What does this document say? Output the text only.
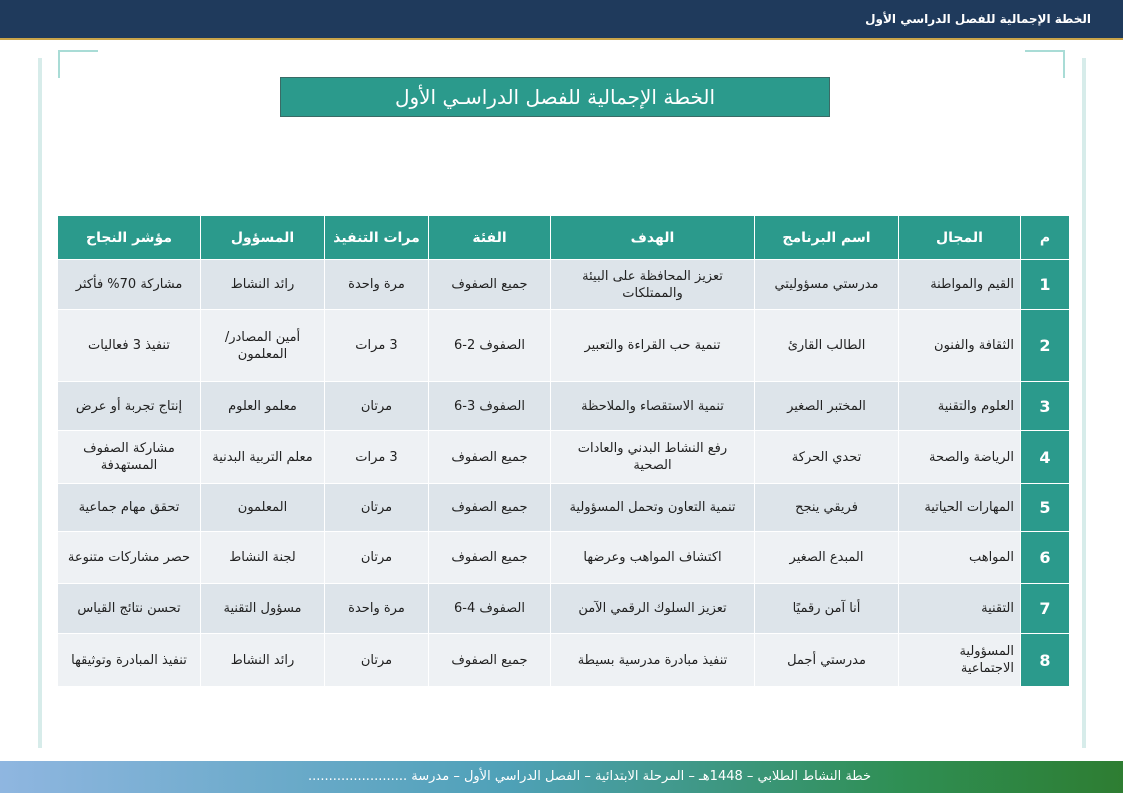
الخطة الإجمالية للفصل الدراسي الأول
الخطة الإجمالية للفصل الدراسـي الأول
م	المجال	اسم البرنامج	الهدف	الفئة	مرات التنفيذ	المسؤول	مؤشر النجاح
1	القيم والمواطنة	مدرستي مسؤوليتي	تعزيز المحافظة على البيئة والممتلكات	جميع الصفوف	مرة واحدة	رائد النشاط	مشاركة 70% فأكثر
2	الثقافة والفنون	الطالب القارئ	تنمية حب القراءة والتعبير	الصفوف 2-6	3 مرات	أمين المصادر/المعلمون	تنفيذ 3 فعاليات
3	العلوم والتقنية	المختبر الصغير	تنمية الاستقصاء والملاحظة	الصفوف 3-6	مرتان	معلمو العلوم	إنتاج تجربة أو عرض
4	الرياضة والصحة	تحدي الحركة	رفع النشاط البدني والعادات الصحية	جميع الصفوف	3 مرات	معلم التربية البدنية	مشاركة الصفوف المستهدفة
5	المهارات الحياتية	فريقي ينجح	تنمية التعاون وتحمل المسؤولية	جميع الصفوف	مرتان	المعلمون	تحقق مهام جماعية
6	المواهب	المبدع الصغير	اكتشاف المواهب وعرضها	جميع الصفوف	مرتان	لجنة النشاط	حصر مشاركات متنوعة
7	التقنية	أنا آمن رقميًا	تعزيز السلوك الرقمي الآمن	الصفوف 4-6	مرة واحدة	مسؤول التقنية	تحسن نتائج القياس
8	المسؤولية الاجتماعية	مدرستي أجمل	تنفيذ مبادرة مدرسية بسيطة	جميع الصفوف	مرتان	رائد النشاط	تنفيذ المبادرة وتوثيقها
خطة النشاط الطلابي – 1448هـ – المرحلة الابتدائية – الفصل الدراسي الأول – مدرسة ........................
